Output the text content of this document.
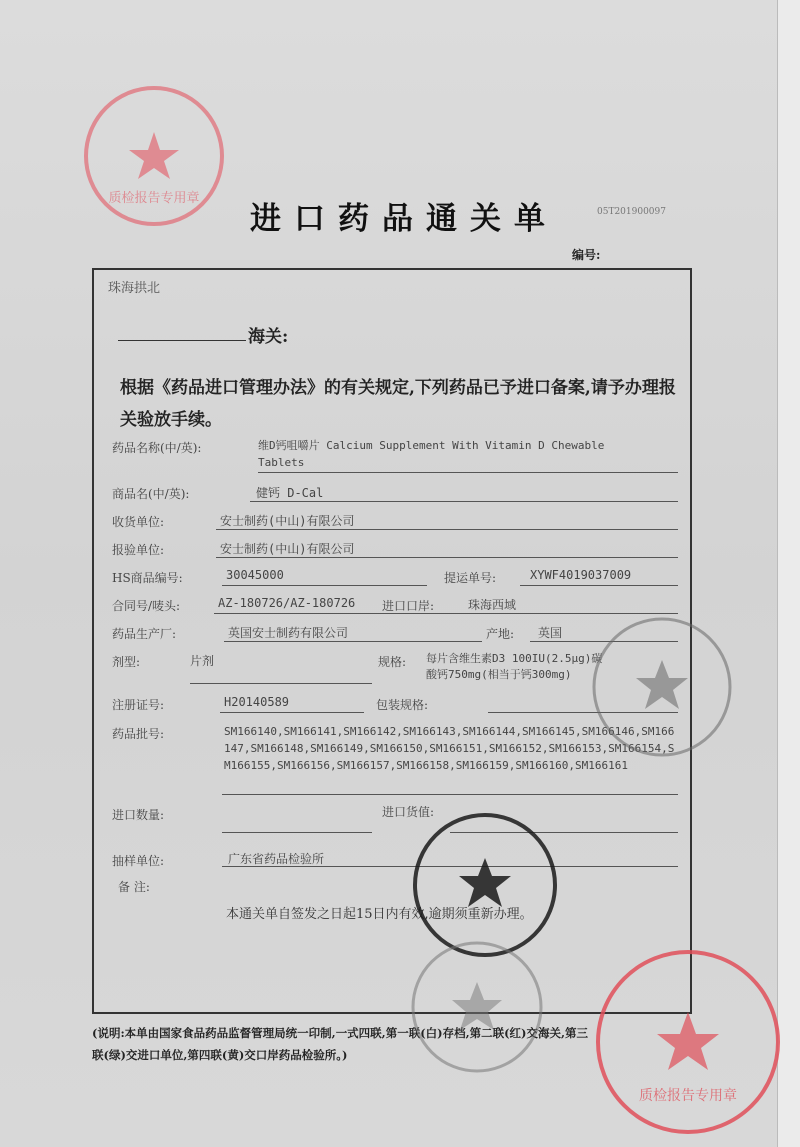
质检报告专用章
进口药品通关单	05T201900097
编号:
珠海拱北
海关:
根据《药品进口管理办法》的有关规定,下列药品已予进口备案,请予办理报关验放手续。
药品名称(中/英):	维D钙咀嚼片 Calcium Supplement With Vitamin D Chewable
Tablets
商品名(中/英):	健钙 D-Cal
收货单位:	安士制药(中山)有限公司
报验单位:	安士制药(中山)有限公司
HS商品编号:	30045000	提运单号:	XYWF4019037009
合同号/唛头:	AZ-180726/AZ-180726 进口口岸:	珠海西域
药品生产厂:	英国安士制药有限公司	产地: 英国
剂型:	片剂	规格: 每片含维生素D3 100IU(2.5μg)碳
酸钙750mg(相当于钙300mg)
注册证号:	H20140589	包装规格:
药品批号:	SM166140,SM166141,SM166142,SM166143,SM166144,SM166145,SM166146,SM166147,SM166148,SM166149,SM166150,SM166151,SM166152,SM166153,SM166154,SM166155,SM166156,SM166157,SM166158,SM166159,SM166160,SM166161
进口数量:	进口货值:
抽样单位:	广东省药品检验所
备 注:
本通关单自签发之日起15日内有效,逾期须重新办理。
(说明:本单由国家食品药品监督管理局统一印制,一式四联,第一联(白)存档,第二联(红)交海关,第三联(绿)交进口单位,第四联(黄)交口岸药品检验所。)
质检报告专用章
